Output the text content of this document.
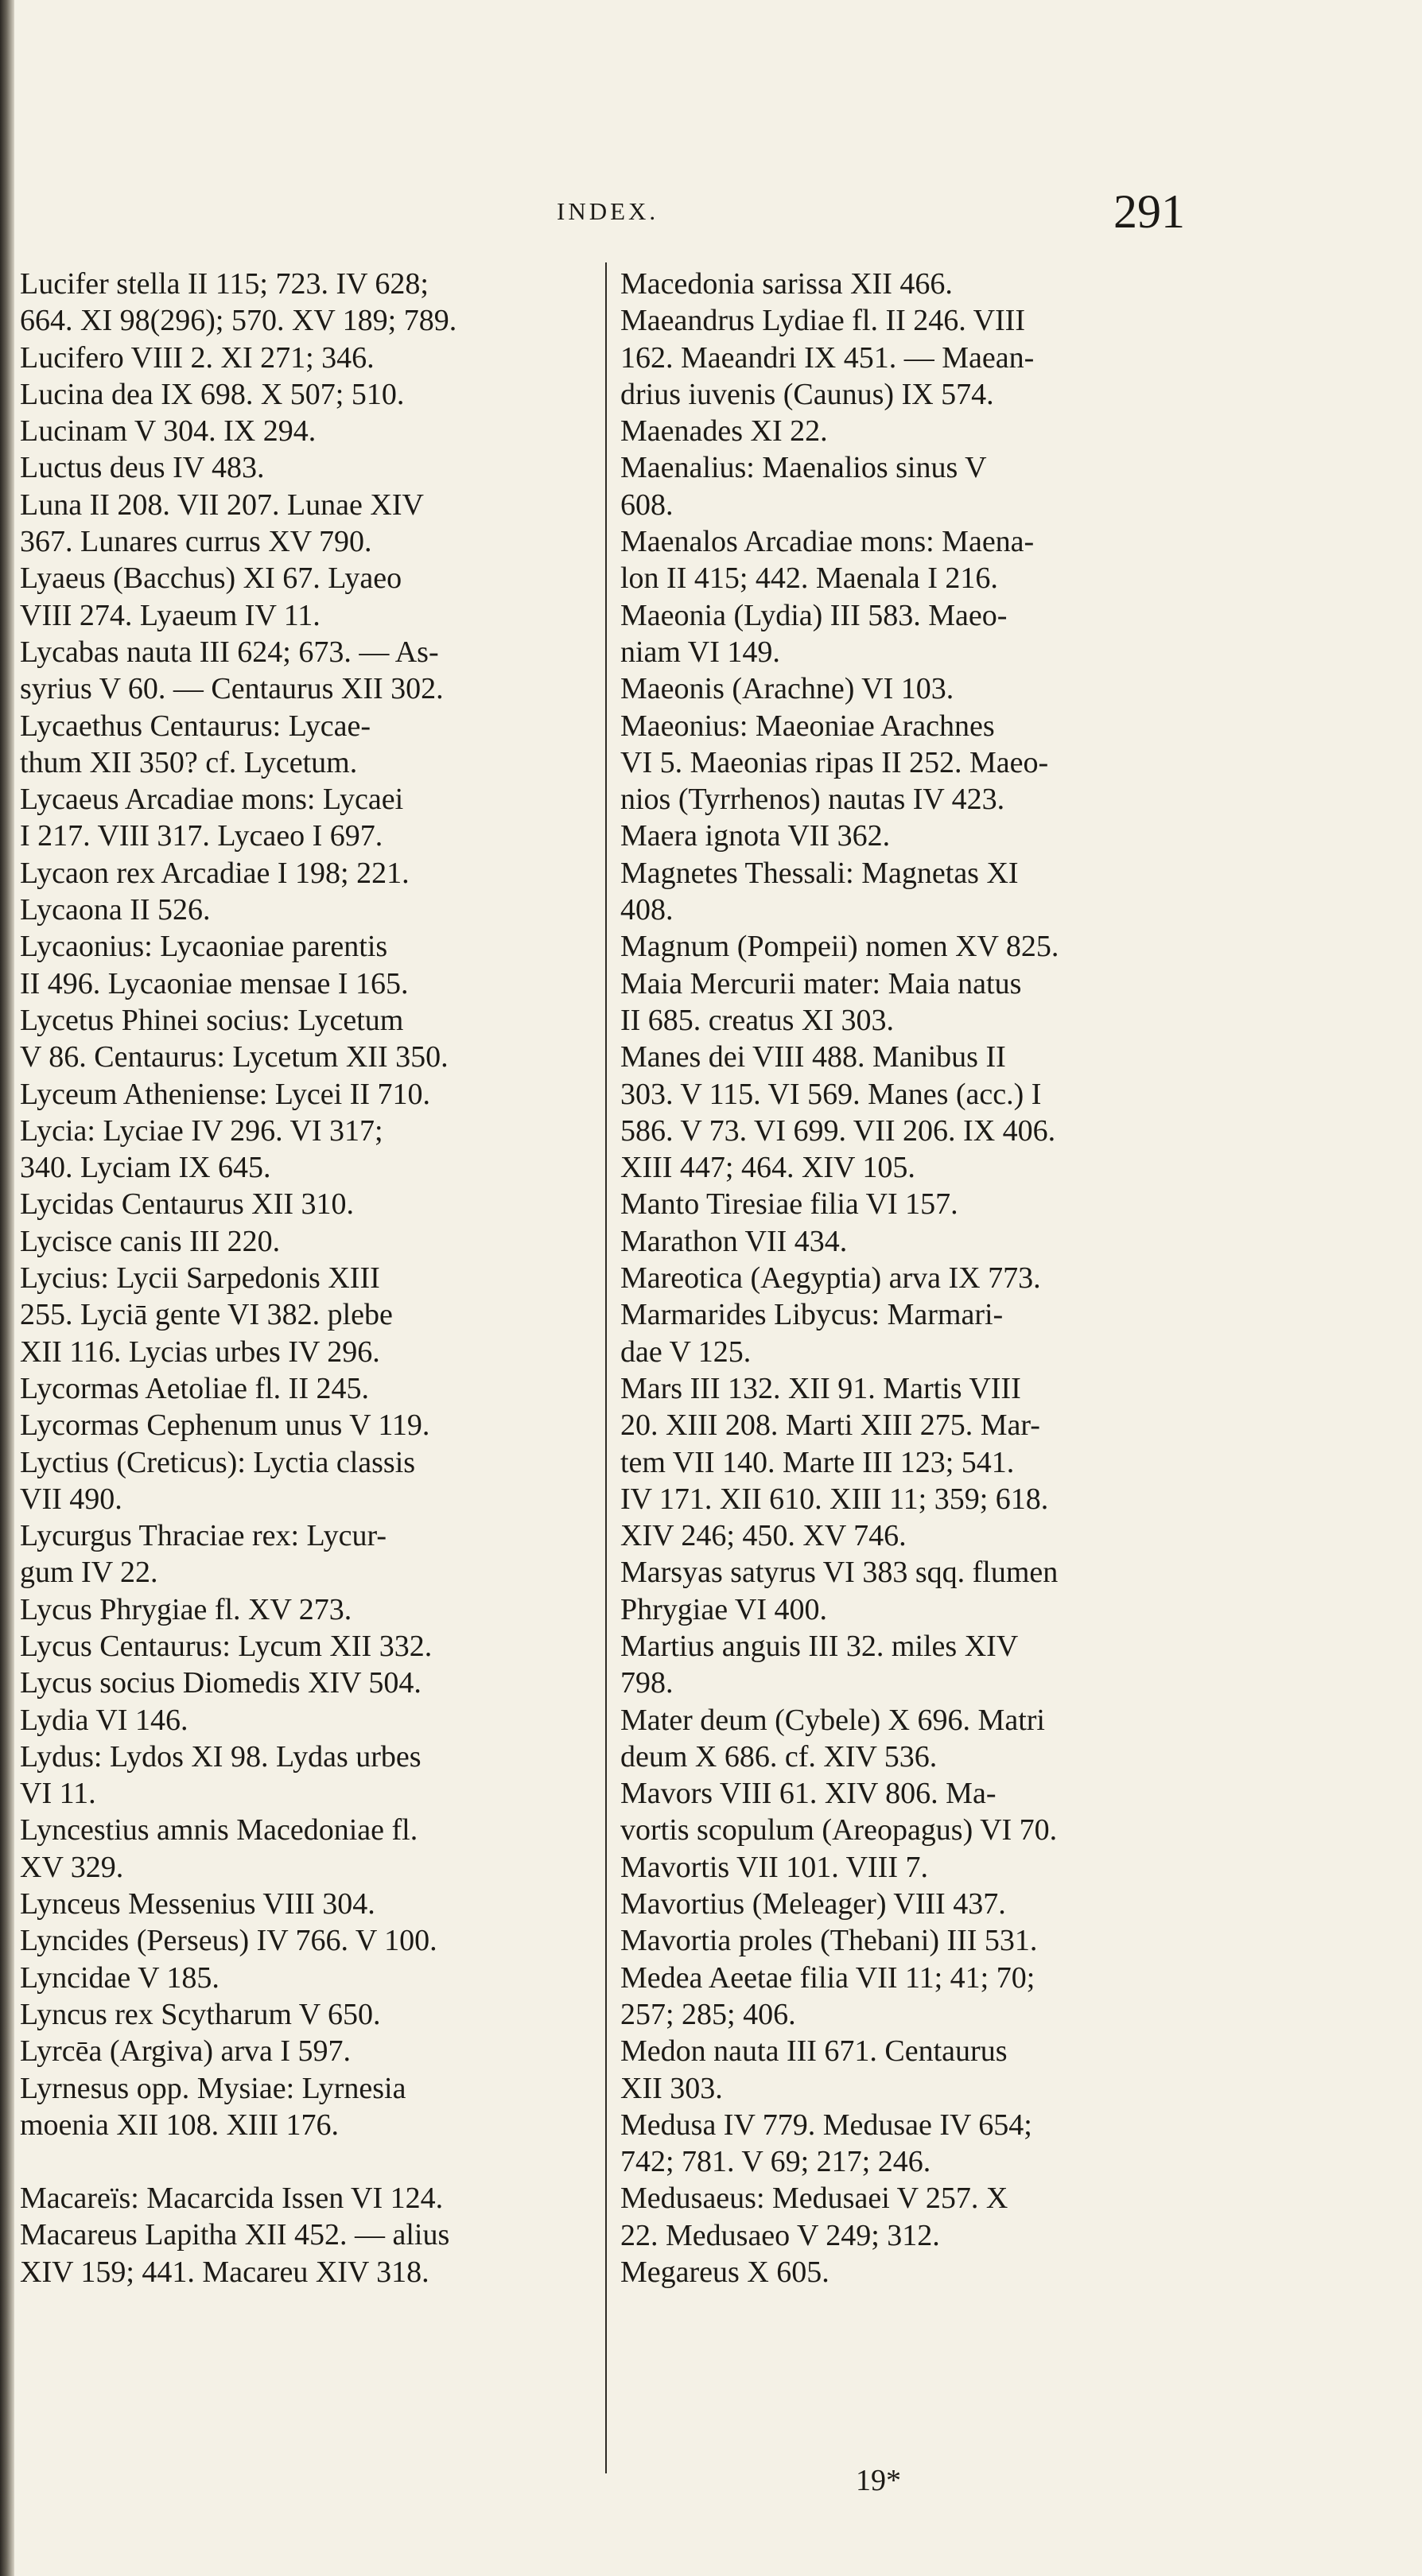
INDEX.	291
Lucifer stella II 115; 723. IV 628;
664. XI 98(296); 570. XV 189; 789.
Lucifero VIII 2. XI 271; 346.
Lucina dea IX 698. X 507; 510.
Lucinam V 304. IX 294.
Luctus deus IV 483.
Luna II 208. VII 207. Lunae XIV
367. Lunares currus XV 790.
Lyaeus (Bacchus) XI 67. Lyaeo
VIII 274. Lyaeum IV 11.
Lycabas nauta III 624; 673. — As-
syrius V 60. — Centaurus XII 302.
Lycaethus Centaurus: Lycae-
thum XII 350? cf. Lycetum.
Lycaeus Arcadiae mons: Lycaei
I 217. VIII 317. Lycaeo I 697.
Lycaon rex Arcadiae I 198; 221.
Lycaona II 526.
Lycaonius: Lycaoniae parentis
II 496. Lycaoniae mensae I 165.
Lycetus Phinei socius: Lycetum
V 86. Centaurus: Lycetum XII 350.
Lyceum Atheniense: Lycei II 710.
Lycia: Lyciae IV 296. VI 317;
340. Lyciam IX 645.
Lycidas Centaurus XII 310.
Lycisce canis III 220.
Lycius: Lycii Sarpedonis XIII
255. Lyciā gente VI 382. plebe
XII 116. Lycias urbes IV 296.
Lycormas Aetoliae fl. II 245.
Lycormas Cephenum unus V 119.
Lyctius (Creticus): Lyctia classis
VII 490.
Lycurgus Thraciae rex: Lycur-
gum IV 22.
Lycus Phrygiae fl. XV 273.
Lycus Centaurus: Lycum XII 332.
Lycus socius Diomedis XIV 504.
Lydia VI 146.
Lydus: Lydos XI 98. Lydas urbes
VI 11.
Lyncestius amnis Macedoniae fl.
XV 329.
Lynceus Messenius VIII 304.
Lyncides (Perseus) IV 766. V 100.
Lyncidae V 185.
Lyncus rex Scytharum V 650.
Lyrcēa (Argiva) arva I 597.
Lyrnesus opp. Mysiae: Lyrnesia
moenia XII 108. XIII 176.
Macareïs: Macarcida Issen VI 124.
Macareus Lapitha XII 452. — alius
XIV 159; 441. Macareu XIV 318.
Macedonia sarissa XII 466.
Maeandrus Lydiae fl. II 246. VIII
162. Maeandri IX 451. — Maean-
drius iuvenis (Caunus) IX 574.
Maenades XI 22.
Maenalius: Maenalios sinus V
608.
Maenalos Arcadiae mons: Maena-
lon II 415; 442. Maenala I 216.
Maeonia (Lydia) III 583. Maeo-
niam VI 149.
Maeonis (Arachne) VI 103.
Maeonius: Maeoniae Arachnes
VI 5. Maeonias ripas II 252. Maeo-
nios (Tyrrhenos) nautas IV 423.
Maera ignota VII 362.
Magnetes Thessali: Magnetas XI
408.
Magnum (Pompeii) nomen XV 825.
Maia Mercurii mater: Maia natus
II 685. creatus XI 303.
Manes dei VIII 488. Manibus II
303. V 115. VI 569. Manes (acc.) I
586. V 73. VI 699. VII 206. IX 406.
XIII 447; 464. XIV 105.
Manto Tiresiae filia VI 157.
Marathon VII 434.
Mareotica (Aegyptia) arva IX 773.
Marmarides Libycus: Marmari-
dae V 125.
Mars III 132. XII 91. Martis VIII
20. XIII 208. Marti XIII 275. Mar-
tem VII 140. Marte III 123; 541.
IV 171. XII 610. XIII 11; 359; 618.
XIV 246; 450. XV 746.
Marsyas satyrus VI 383 sqq. flumen
Phrygiae VI 400.
Martius anguis III 32. miles XIV
798.
Mater deum (Cybele) X 696. Matri
deum X 686. cf. XIV 536.
Mavors VIII 61. XIV 806. Ma-
vortis scopulum (Areopagus) VI 70.
Mavortis VII 101. VIII 7.
Mavortius (Meleager) VIII 437.
Mavortia proles (Thebani) III 531.
Medea Aeetae filia VII 11; 41; 70;
257; 285; 406.
Medon nauta III 671. Centaurus
XII 303.
Medusa IV 779. Medusae IV 654;
742; 781. V 69; 217; 246.
Medusaeus: Medusaei V 257. X
22. Medusaeo V 249; 312.
Megareus X 605.
19*
